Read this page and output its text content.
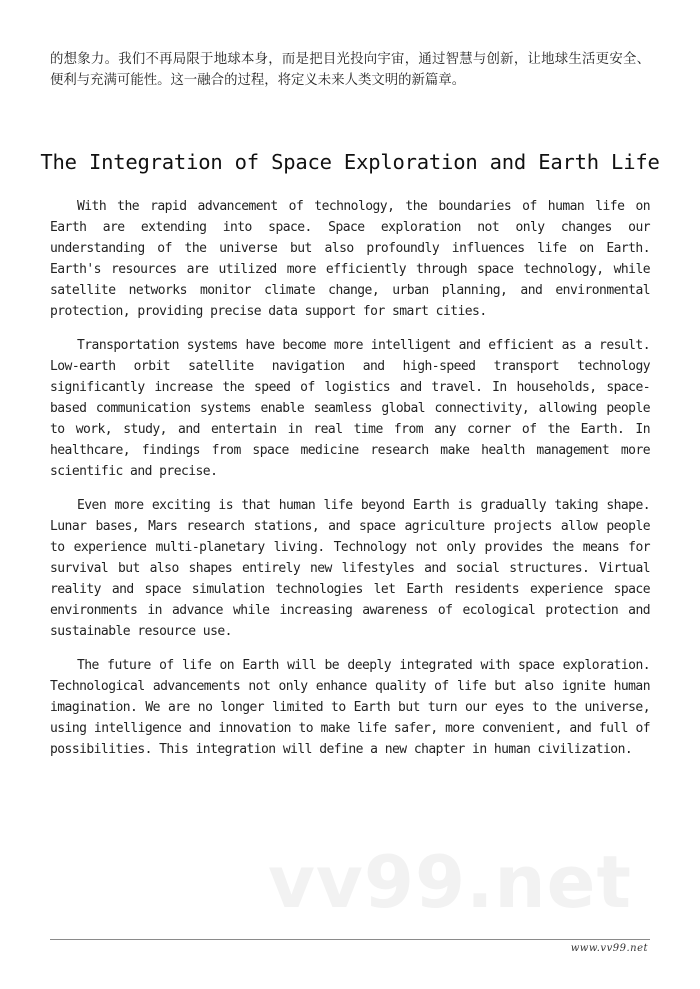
的想象力。我们不再局限于地球本身，而是把目光投向宇宙，通过智慧与创新，让地球生活更安全、便利与充满可能性。这一融合的过程，将定义未来人类文明的新篇章。

The Integration of Space Exploration and Earth Life

With the rapid advancement of technology, the boundaries of human life on Earth are extending into space. Space exploration not only changes our understanding of the universe but also profoundly influences life on Earth. Earth's resources are utilized more efficiently through space technology, while satellite networks monitor climate change, urban planning, and environmental protection, providing precise data support for smart cities.

Transportation systems have become more intelligent and efficient as a result. Low-earth orbit satellite navigation and high-speed transport technology significantly increase the speed of logistics and travel. In households, space-based communication systems enable seamless global connectivity, allowing people to work, study, and entertain in real time from any corner of the Earth. In healthcare, findings from space medicine research make health management more scientific and precise.

Even more exciting is that human life beyond Earth is gradually taking shape. Lunar bases, Mars research stations, and space agriculture projects allow people to experience multi-planetary living. Technology not only provides the means for survival but also shapes entirely new lifestyles and social structures. Virtual reality and space simulation technologies let Earth residents experience space environments in advance while increasing awareness of ecological protection and sustainable resource use.

The future of life on Earth will be deeply integrated with space exploration. Technological advancements not only enhance quality of life but also ignite human imagination. We are no longer limited to Earth but turn our eyes to the universe, using intelligence and innovation to make life safer, more convenient, and full of possibilities. This integration will define a new chapter in human civilization.

vv99.net
www.vv99.net
